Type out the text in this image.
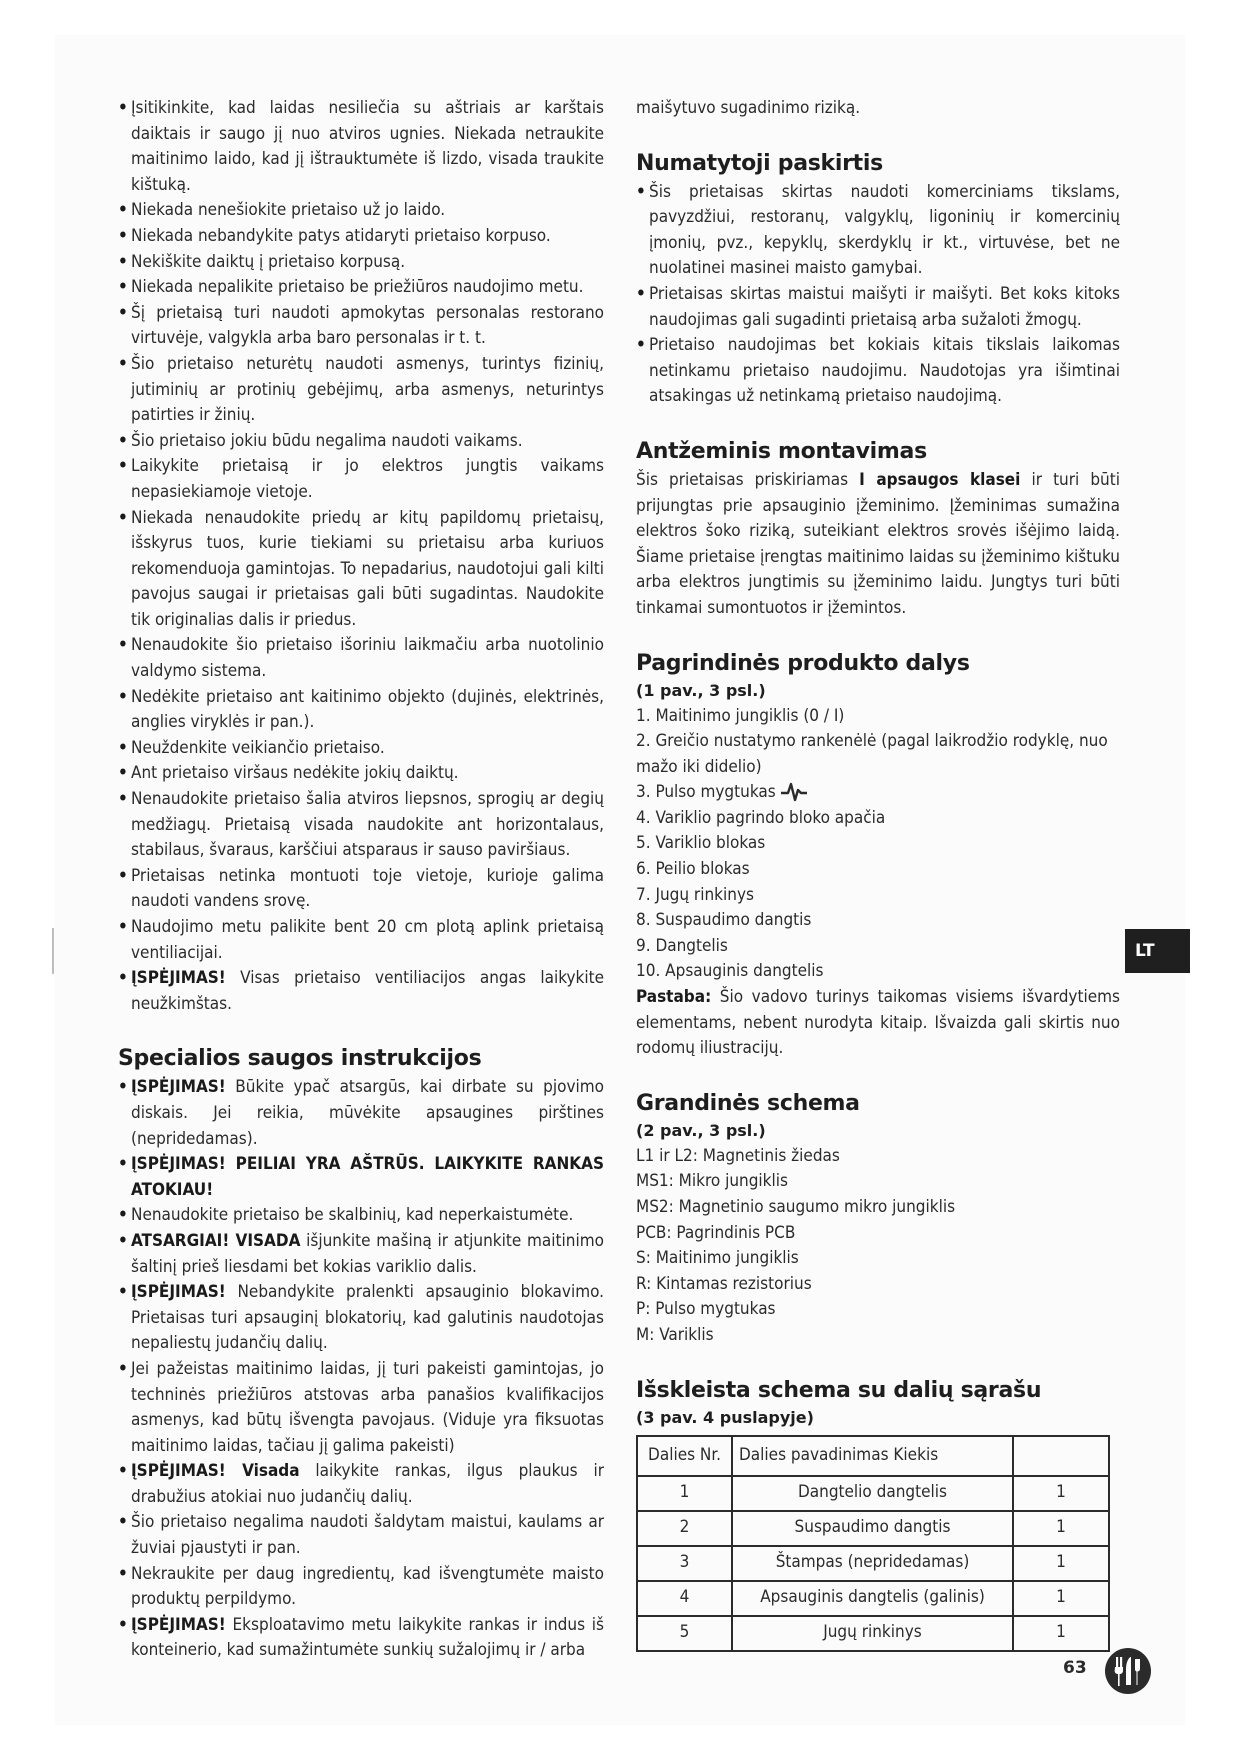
• Įsitikinkite, kad laidas nesiliečia su aštriais ar karštais daiktais ir saugo jį nuo atviros ugnies. Niekada netraukite maitinimo laido, kad jį ištrauktumėte iš lizdo, visada traukite kištuką.
• Niekada nenešiokite prietaiso už jo laido.
• Niekada nebandykite patys atidaryti prietaiso korpuso.
• Nekiškite daiktų į prietaiso korpusą.
• Niekada nepalikite prietaiso be priežiūros naudojimo metu.
• Šį prietaisą turi naudoti apmokytas personalas restorano virtuvėje, valgykla arba baro personalas ir t. t.
• Šio prietaiso neturėtų naudoti asmenys, turintys fizinių, jutiminių ar protinių gebėjimų, arba asmenys, neturintys patirties ir žinių.
• Šio prietaiso jokiu būdu negalima naudoti vaikams.
• Laikykite prietaisą ir jo elektros jungtis vaikams nepasiekiamoje vietoje.
• Niekada nenaudokite priedų ar kitų papildomų prietaisų, išskyrus tuos, kurie tiekiami su prietaisu arba kuriuos rekomenduoja gamintojas. To nepadarius, naudotojui gali kilti pavojus saugai ir prietaisas gali būti sugadintas. Naudokite tik originalias dalis ir priedus.
• Nenaudokite šio prietaiso išoriniu laikmačiu arba nuotolinio valdymo sistema.
• Nedėkite prietaiso ant kaitinimo objekto (dujinės, elektrinės, anglies viryklės ir pan.).
• Neuždenkite veikiančio prietaiso.
• Ant prietaiso viršaus nedėkite jokių daiktų.
• Nenaudokite prietaiso šalia atviros liepsnos, sprogių ar degių medžiagų. Prietaisą visada naudokite ant horizontalaus, stabilaus, švaraus, karščiui atsparaus ir sauso paviršiaus.
• Prietaisas netinka montuoti toje vietoje, kurioje galima naudoti vandens srovę.
• Naudojimo metu palikite bent 20 cm plotą aplink prietaisą ventiliacijai.
• ĮSPĖJIMAS! Visas prietaiso ventiliacijos angas laikykite neužkimštas.
Specialios saugos instrukcijos
• ĮSPĖJIMAS! Būkite ypač atsargūs, kai dirbate su pjovimo diskais. Jei reikia, mūvėkite apsaugines pirštines (nepridedamas).
• ĮSPĖJIMAS! PEILIAI YRA AŠTRŪS. LAIKYKITE RANKAS ATOKIAU!
• Nenaudokite prietaiso be skalbinių, kad neperkaistumėte.
• ATSARGIAI! VISADA išjunkite mašiną ir atjunkite maitinimo šaltinį prieš liesdami bet kokias variklio dalis.
• ĮSPĖJIMAS! Nebandykite pralenkti apsauginio blokavimo. Prietaisas turi apsauginį blokatorių, kad galutinis naudotojas nepaliestų judančių dalių.
• Jei pažeistas maitinimo laidas, jį turi pakeisti gamintojas, jo techninės priežiūros atstovas arba panašios kvalifikacijos asmenys, kad būtų išvengta pavojaus. (Viduje yra fiksuotas maitinimo laidas, tačiau jį galima pakeisti)
• ĮSPĖJIMAS! Visada laikykite rankas, ilgus plaukus ir drabužius atokiai nuo judančių dalių.
• Šio prietaiso negalima naudoti šaldytam maistui, kaulams ar žuviai pjaustyti ir pan.
• Nekraukite per daug ingredientų, kad išvengtumėte maisto produktų perpildymo.
• ĮSPĖJIMAS! Eksploatavimo metu laikykite rankas ir indus iš konteinerio, kad sumažintumėte sunkių sužalojimų ir / arba
maišytuvo sugadinimo riziką.
Numatytoji paskirtis
• Šis prietaisas skirtas naudoti komerciniams tikslams, pavyzdžiui, restoranų, valgyklų, ligoninių ir komercinių įmonių, pvz., kepyklų, skerdyklų ir kt., virtuvėse, bet ne nuolatinei masinei maisto gamybai.
• Prietaisas skirtas maistui maišyti ir maišyti. Bet koks kitoks naudojimas gali sugadinti prietaisą arba sužaloti žmogų.
• Prietaiso naudojimas bet kokiais kitais tikslais laikomas netinkamu prietaiso naudojimu. Naudotojas yra išimtinai atsakingas už netinkamą prietaiso naudojimą.
Antžeminis montavimas
Šis prietaisas priskiriamas I apsaugos klasei ir turi būti prijungtas prie apsauginio įžeminimo. Įžeminimas sumažina elektros šoko riziką, suteikiant elektros srovės išėjimo laidą. Šiame prietaise įrengtas maitinimo laidas su įžeminimo kištuku arba elektros jungtimis su įžeminimo laidu. Jungtys turi būti tinkamai sumontuotos ir įžemintos.
Pagrindinės produkto dalys
(1 pav., 3 psl.)
1. Maitinimo jungiklis (0 / I)
2. Greičio nustatymo rankenėlė (pagal laikrodžio rodyklę, nuo mažo iki didelio)
3. Pulso mygtukas
4. Variklio pagrindo bloko apačia
5. Variklio blokas
6. Peilio blokas
7. Jugų rinkinys
8. Suspaudimo dangtis
9. Dangtelis
10. Apsauginis dangtelis
Pastaba: Šio vadovo turinys taikomas visiems išvardytiems elementams, nebent nurodyta kitaip. Išvaizda gali skirtis nuo rodomų iliustracijų.
Grandinės schema
(2 pav., 3 psl.)
L1 ir L2: Magnetinis žiedas
MS1: Mikro jungiklis
MS2: Magnetinio saugumo mikro jungiklis
PCB: Pagrindinis PCB
S: Maitinimo jungiklis
R: Kintamas rezistorius
P: Pulso mygtukas
M: Variklis
Išskleista schema su dalių sąrašu
(3 pav. 4 puslapyje)
Dalies Nr.	Dalies pavadinimas Kiekis	
1	Dangtelio dangtelis	1
2	Suspaudimo dangtis	1
3	Štampas (nepridedamas)	1
4	Apsauginis dangtelis (galinis)	1
5	Jugų rinkinys	1
LT
63
